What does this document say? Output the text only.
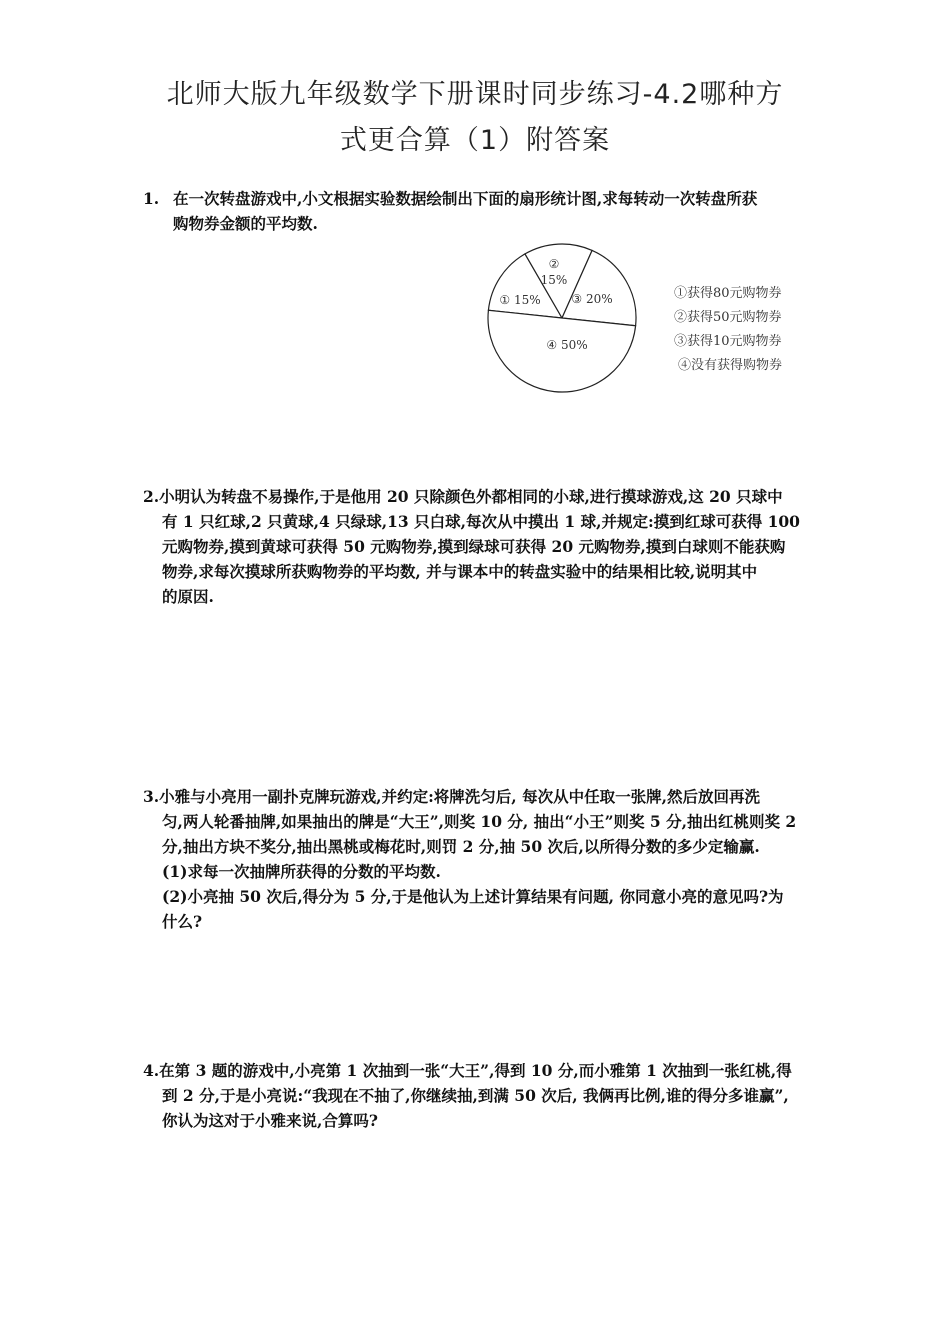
北师大版九年级数学下册课时同步练习-4.2哪种方
式更合算（1）附答案
1. 在一次转盘游戏中,小文根据实验数据绘制出下面的扇形统计图,求每转动一次转盘所获

购物券金额的平均数.

① 15%
②
15%
③ 20%
④ 50%
①获得80元购物券
②获得50元购物券
③获得10元购物券
④没有获得购物券

2.小明认为转盘不易操作,于是他用 20 只除颜色外都相同的小球,进行摸球游戏,这 20 只球中

有 1 只红球,2 只黄球,4 只绿球,13 只白球,每次从中摸出 1 球,并规定:摸到红球可获得 100

元购物券,摸到黄球可获得 50 元购物券,摸到绿球可获得 20 元购物券,摸到白球则不能获购

物券,求每次摸球所获购物券的平均数, 并与课本中的转盘实验中的结果相比较,说明其中

的原因.

3.小雅与小亮用一副扑克牌玩游戏,并约定:将牌洗匀后, 每次从中任取一张牌,然后放回再洗

匀,两人轮番抽牌,如果抽出的牌是“大王”,则奖 10 分, 抽出“小王”则奖 5 分,抽出红桃则奖 2

分,抽出方块不奖分,抽出黑桃或梅花时,则罚 2 分,抽 50 次后,以所得分数的多少定输赢.

(1)求每一次抽牌所获得的分数的平均数.

(2)小亮抽 50 次后,得分为 5 分,于是他认为上述计算结果有问题, 你同意小亮的意见吗?为

什么?

4.在第 3 题的游戏中,小亮第 1 次抽到一张“大王”,得到 10 分,而小雅第 1 次抽到一张红桃,得

到 2 分,于是小亮说:“我现在不抽了,你继续抽,到满 50 次后, 我俩再比例,谁的得分多谁赢”,

你认为这对于小雅来说,合算吗?
